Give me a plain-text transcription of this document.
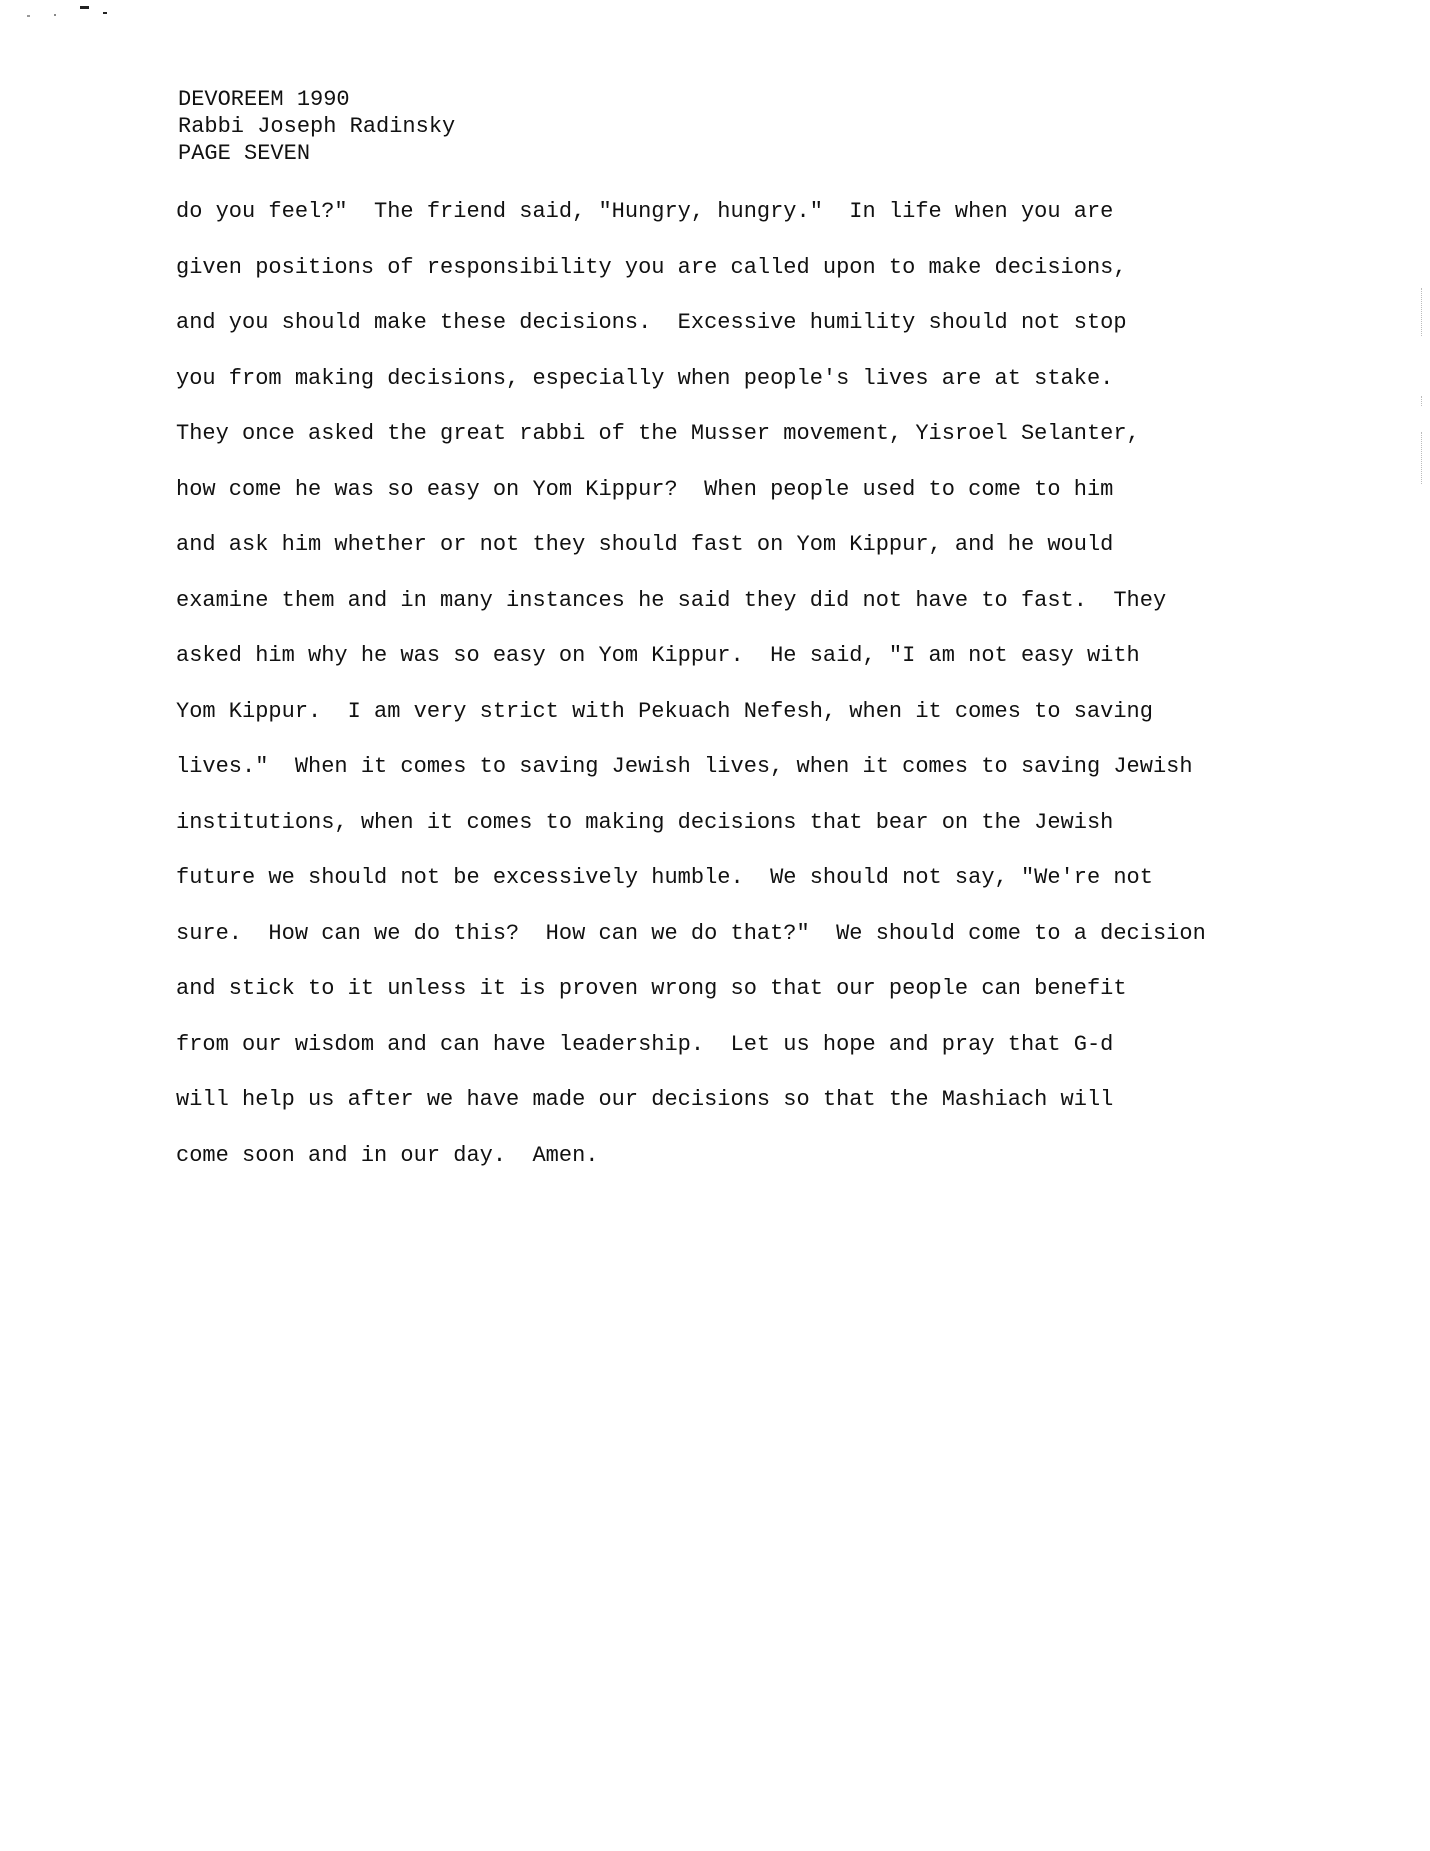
DEVOREEM 1990
Rabbi Joseph Radinsky
PAGE SEVEN
do you feel?"  The friend said, "Hungry, hungry."  In life when you are
given positions of responsibility you are called upon to make decisions,
and you should make these decisions.  Excessive humility should not stop
you from making decisions, especially when people's lives are at stake.
They once asked the great rabbi of the Musser movement, Yisroel Selanter,
how come he was so easy on Yom Kippur?  When people used to come to him
and ask him whether or not they should fast on Yom Kippur, and he would
examine them and in many instances he said they did not have to fast.  They
asked him why he was so easy on Yom Kippur.  He said, "I am not easy with
Yom Kippur.  I am very strict with Pekuach Nefesh, when it comes to saving
lives."  When it comes to saving Jewish lives, when it comes to saving Jewish
institutions, when it comes to making decisions that bear on the Jewish
future we should not be excessively humble.  We should not say, "We're not
sure.  How can we do this?  How can we do that?"  We should come to a decision
and stick to it unless it is proven wrong so that our people can benefit
from our wisdom and can have leadership.  Let us hope and pray that G-d
will help us after we have made our decisions so that the Mashiach will
come soon and in our day.  Amen.
